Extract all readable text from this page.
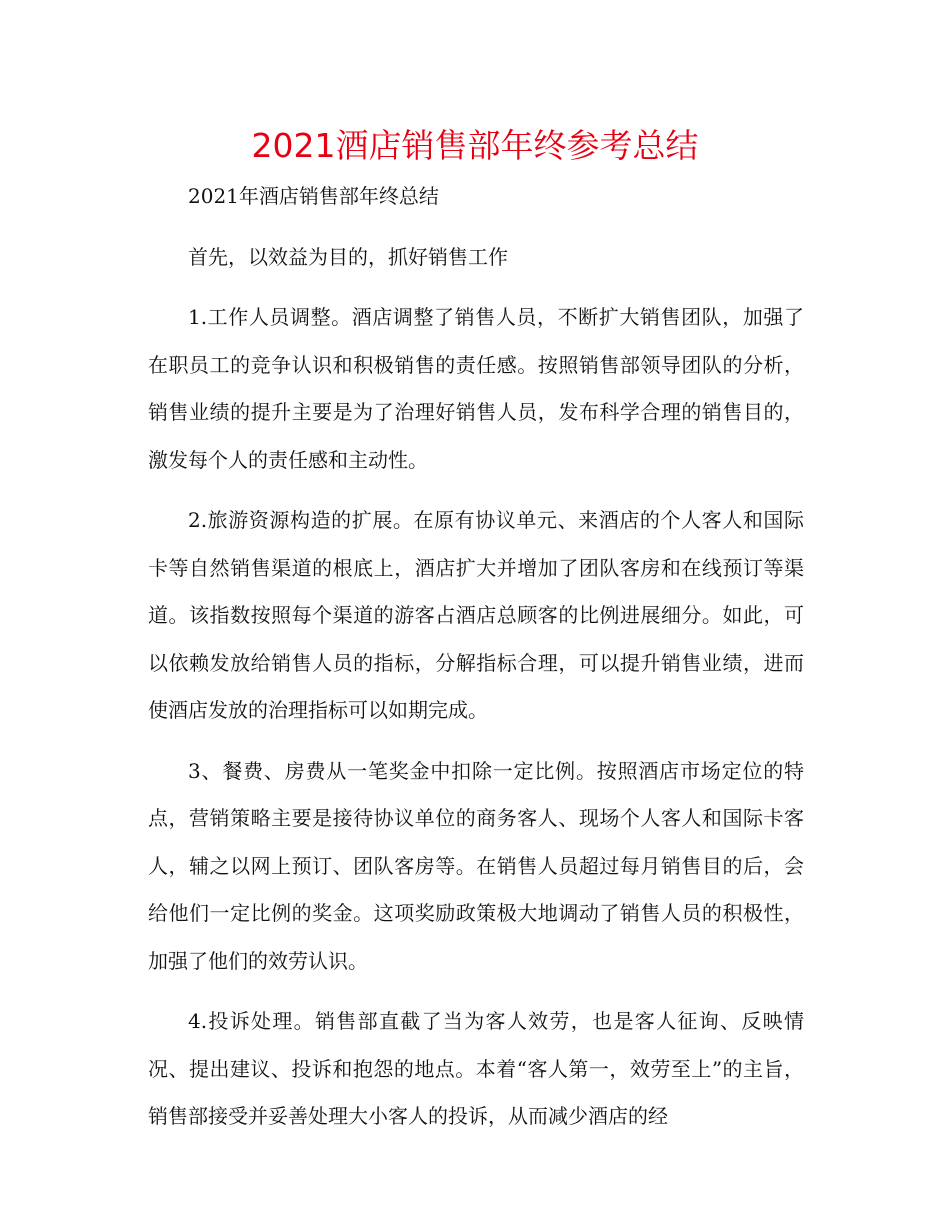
2021酒店销售部年终参考总结

2021年酒店销售部年终总结

首先，以效益为目的，抓好销售工作

1.工作人员调整。酒店调整了销售人员，不断扩大销售团队，加强了在职员工的竞争认识和积极销售的责任感。按照销售部领导团队的分析，销售业绩的提升主要是为了治理好销售人员，发布科学合理的销售目的，激发每个人的责任感和主动性。

2.旅游资源构造的扩展。在原有协议单元、来酒店的个人客人和国际卡等自然销售渠道的根底上，酒店扩大并增加了团队客房和在线预订等渠道。该指数按照每个渠道的游客占酒店总顾客的比例进展细分。如此，可以依赖发放给销售人员的指标，分解指标合理，可以提升销售业绩，进而使酒店发放的治理指标可以如期完成。

3、餐费、房费从一笔奖金中扣除一定比例。按照酒店市场定位的特点，营销策略主要是接待协议单位的商务客人、现场个人客人和国际卡客人，辅之以网上预订、团队客房等。在销售人员超过每月销售目的后，会给他们一定比例的奖金。这项奖励政策极大地调动了销售人员的积极性，加强了他们的效劳认识。

4.投诉处理。销售部直截了当为客人效劳，也是客人征询、反映情况、提出建议、投诉和抱怨的地点。本着“客人第一，效劳至上”的主旨，销售部接受并妥善处理大小客人的投诉，从而减少酒店的经
